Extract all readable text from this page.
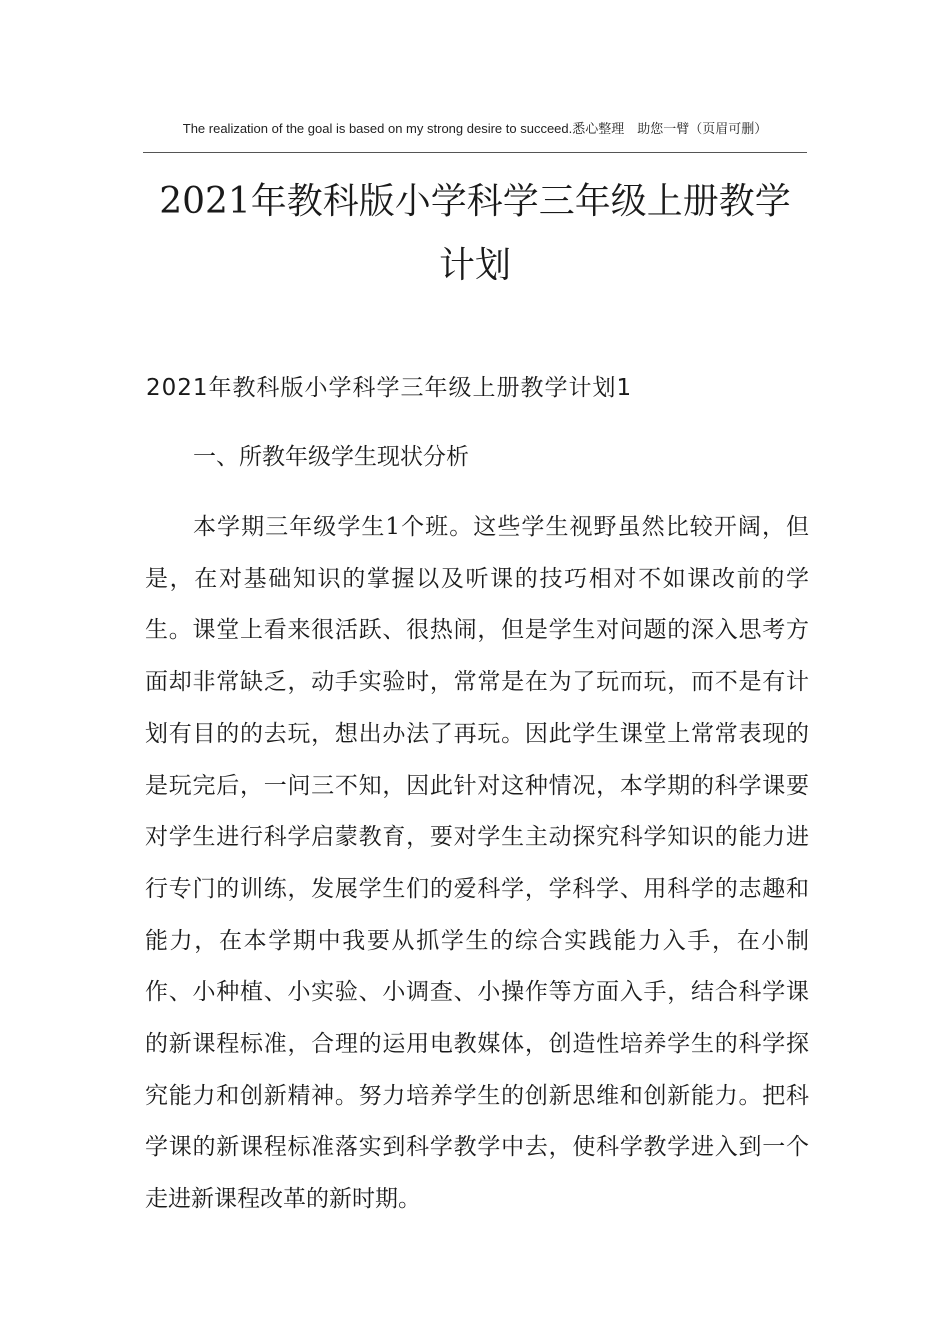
The realization of the goal is based on my strong desire to succeed.悉心整理　助您一臂（页眉可删）
2021年教科版小学科学三年级上册教学计划
2021年教科版小学科学三年级上册教学计划1
一、所教年级学生现状分析

本学期三年级学生1个班。这些学生视野虽然比较开阔，但是，在对基础知识的掌握以及听课的技巧相对不如课改前的学生。课堂上看来很活跃、很热闹，但是学生对问题的深入思考方面却非常缺乏，动手实验时，常常是在为了玩而玩，而不是有计划有目的的去玩，想出办法了再玩。因此学生课堂上常常表现的是玩完后，一问三不知，因此针对这种情况，本学期的科学课要对学生进行科学启蒙教育，要对学生主动探究科学知识的能力进行专门的训练，发展学生们的爱科学，学科学、用科学的志趣和能力，在本学期中我要从抓学生的综合实践能力入手，在小制作、小种植、小实验、小调查、小操作等方面入手，结合科学课的新课程标准，合理的运用电教媒体，创造性培养学生的科学探究能力和创新精神。努力培养学生的创新思维和创新能力。把科学课的新课程标准落实到科学教学中去，使科学教学进入到一个走进新课程改革的新时期。
